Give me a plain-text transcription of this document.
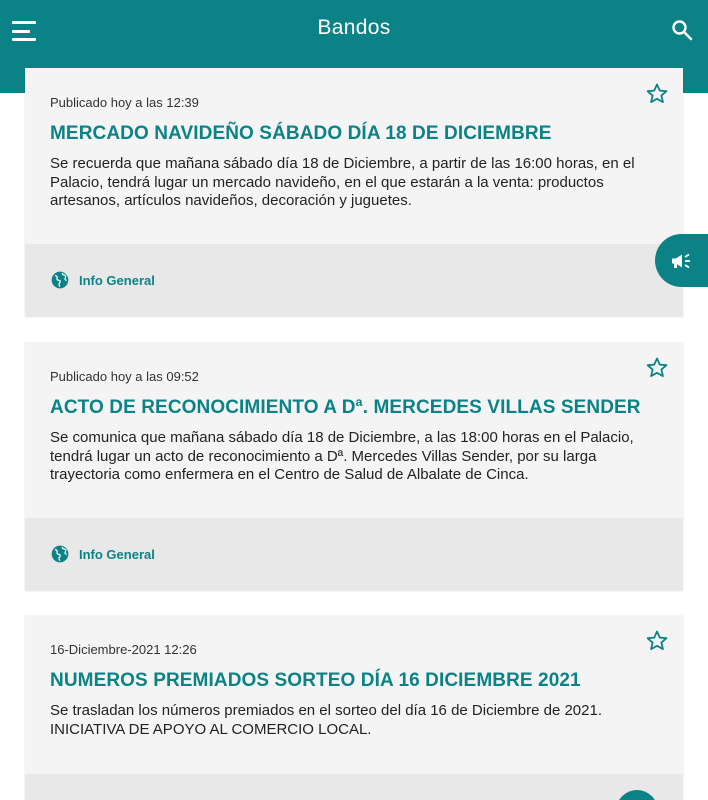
Bandos
Publicado hoy a las 12:39
MERCADO NAVIDEÑO SÁBADO DÍA 18 DE DICIEMBRE
Se recuerda que mañana sábado día 18 de Diciembre, a partir de las 16:00 horas, en el Palacio, tendrá lugar un mercado navideño, en el que estarán a la venta: productos artesanos, artículos navideños, decoración y juguetes.
Info General
Publicado hoy a las 09:52
ACTO DE RECONOCIMIENTO A Dª. MERCEDES VILLAS SENDER
Se comunica que mañana sábado día 18 de Diciembre, a las 18:00 horas en el Palacio, tendrá lugar un acto de reconocimiento a Dª. Mercedes Villas Sender, por su larga trayectoria como enfermera en el Centro de Salud de Albalate de Cinca.
Info General
16-Diciembre-2021 12:26
NUMEROS PREMIADOS SORTEO DÍA 16 DICIEMBRE 2021
Se trasladan los números premiados en el sorteo del día 16 de Diciembre de 2021. INICIATIVA DE APOYO AL COMERCIO LOCAL.
